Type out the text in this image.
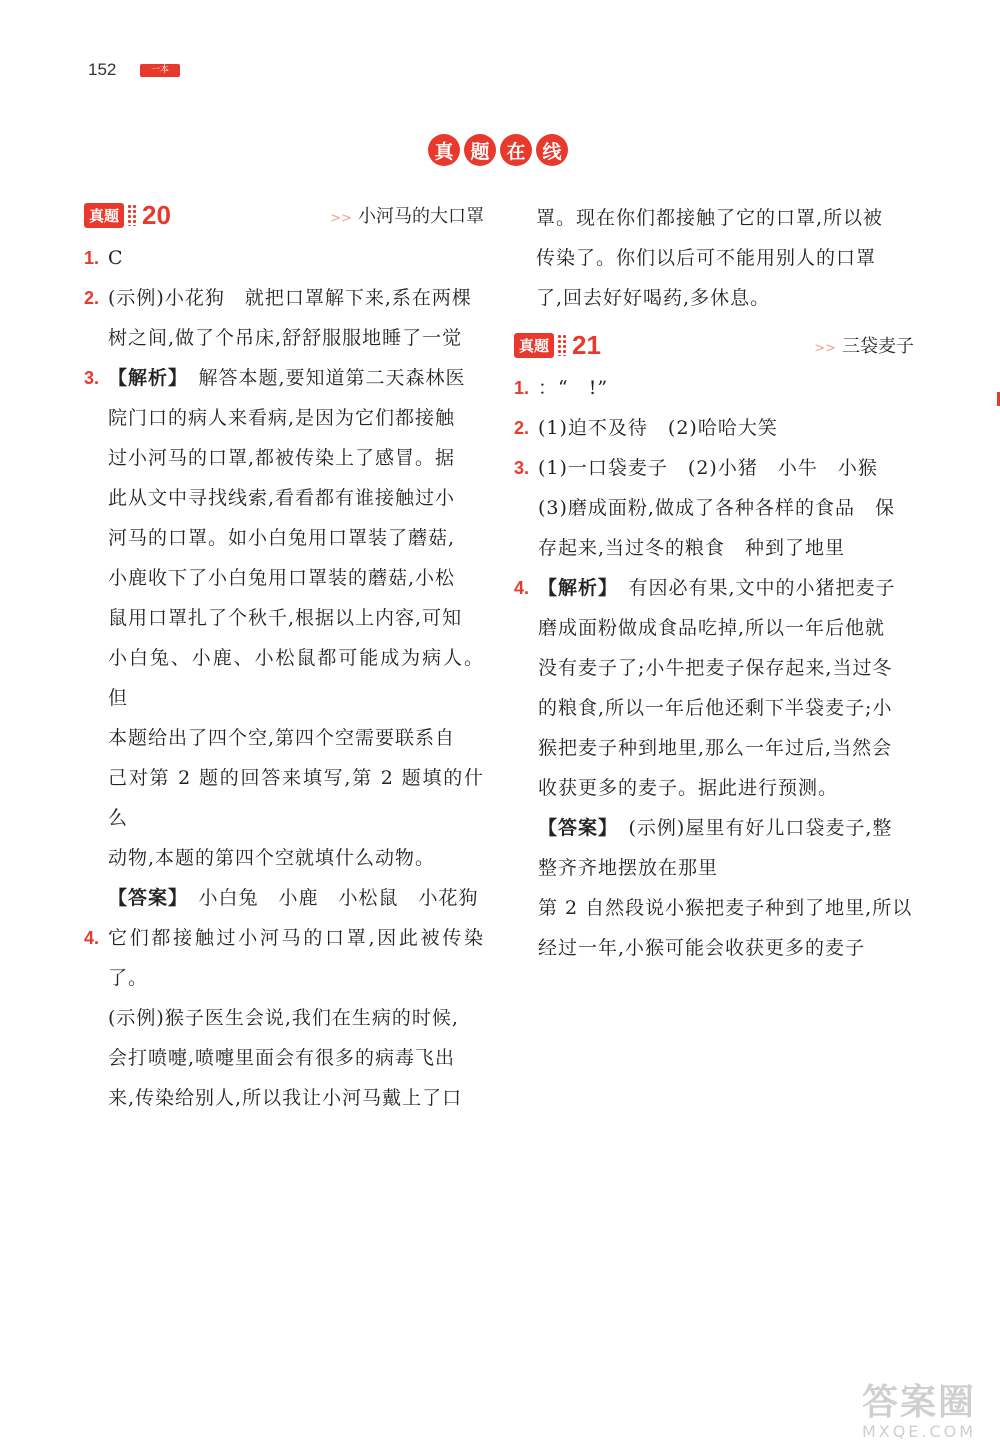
152	一本
真 题 在 线
真题 20	>> 小河马的大口罩
1. C

2. (示例)小花狗　就把口罩解下来,系在两棵

树之间,做了个吊床,舒舒服服地睡了一觉

3. 【解析】　解答本题,要知道第二天森林医

院门口的病人来看病,是因为它们都接触

过小河马的口罩,都被传染上了感冒。据

此从文中寻找线索,看看都有谁接触过小

河马的口罩。如小白兔用口罩装了蘑菇,

小鹿收下了小白兔用口罩装的蘑菇,小松

鼠用口罩扎了个秋千,根据以上内容,可知

小白兔、小鹿、小松鼠都可能成为病人。但

本题给出了四个空,第四个空需要联系自

己对第 2 题的回答来填写,第 2 题填的什么

动物,本题的第四个空就填什么动物。

【答案】　小白兔　小鹿　小松鼠　小花狗

4. 它们都接触过小河马的口罩,因此被传染了。

(示例)猴子医生会说,我们在生病的时候,

会打喷嚏,喷嚏里面会有很多的病毒飞出

来,传染给别人,所以我让小河马戴上了口

罩。现在你们都接触了它的口罩,所以被
传染了。你们以后可不能用别人的口罩
了,回去好好喝药,多休息。
真题 21	>> 三袋麦子
1. ：“　!”

2. (1)迫不及待　(2)哈哈大笑

3. (1)一口袋麦子　(2)小猪　小牛　小猴

(3)磨成面粉,做成了各种各样的食品　保

存起来,当过冬的粮食　种到了地里

4. 【解析】　有因必有果,文中的小猪把麦子

磨成面粉做成食品吃掉,所以一年后他就

没有麦子了;小牛把麦子保存起来,当过冬

的粮食,所以一年后他还剩下半袋麦子;小

猴把麦子种到地里,那么一年过后,当然会

收获更多的麦子。据此进行预测。

【答案】　(示例)屋里有好儿口袋麦子,整

整齐齐地摆放在那里

第 2 自然段说小猴把麦子种到了地里,所以

经过一年,小猴可能会收获更多的麦子

答案圈
MXQE.COM
